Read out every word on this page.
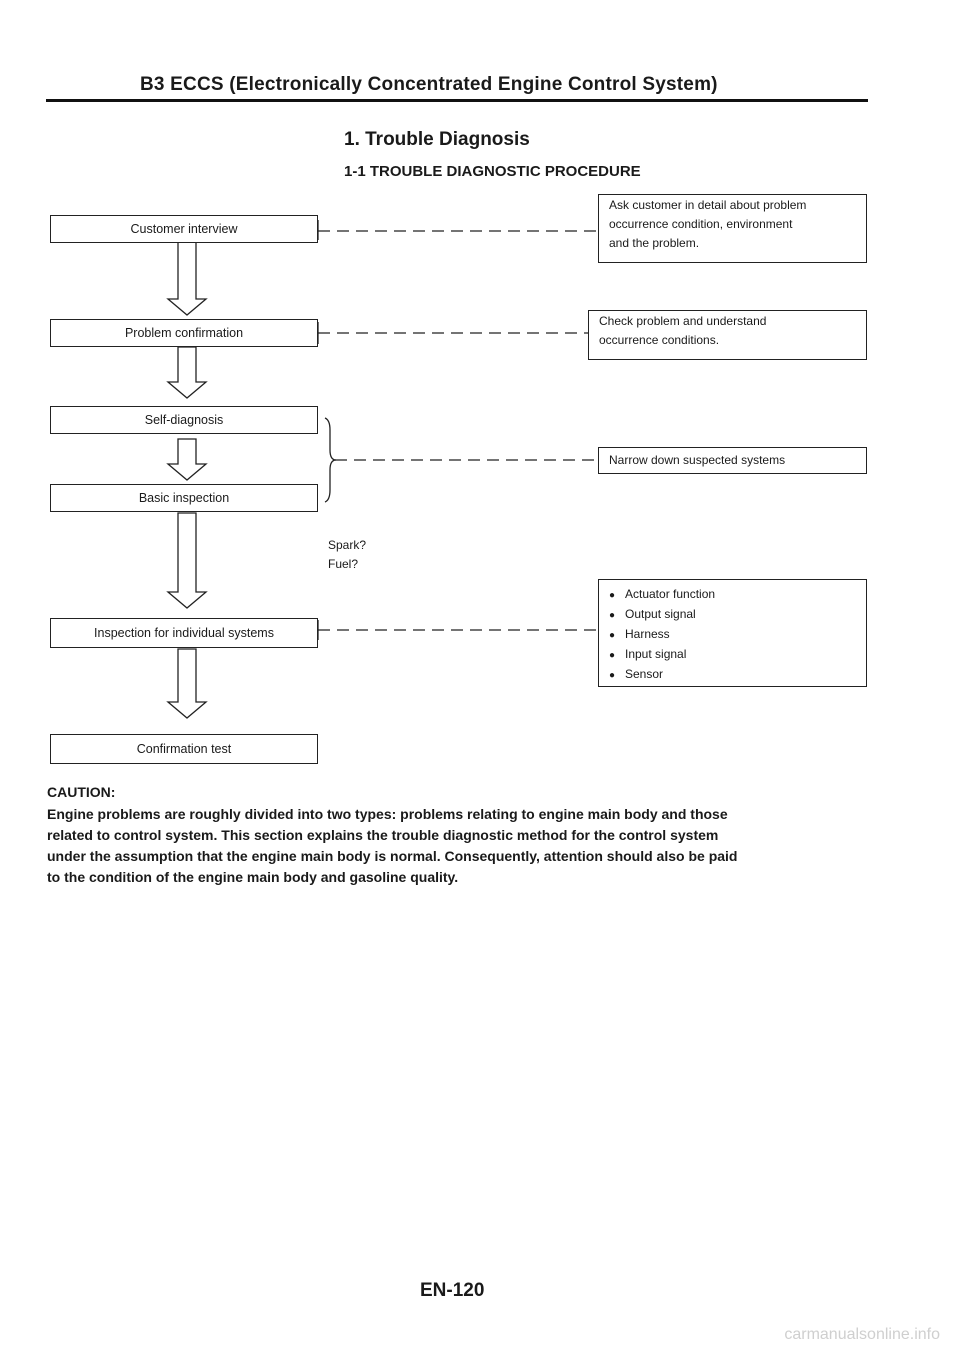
B3 ECCS (Electronically Concentrated Engine Control System)
1. Trouble Diagnosis
1-1 TROUBLE DIAGNOSTIC PROCEDURE
Customer interview
Problem confirmation
Self-diagnosis
Basic inspection
Inspection for individual systems
Confirmation test
Ask customer in detail about problem
occurrence condition, environment
and the problem.
Check problem and understand
occurrence conditions.
Narrow down suspected systems
● Actuator function
● Output signal
● Harness
● Input signal
● Sensor
Spark?
Fuel?
CAUTION:
Engine problems are roughly divided into two types: problems relating to engine main body and those
related to control system. This section explains the trouble diagnostic method for the control system
under the assumption that the engine main body is normal. Consequently, attention should also be paid
to the condition of the engine main body and gasoline quality.
EN-120
carmanualsonline.info
